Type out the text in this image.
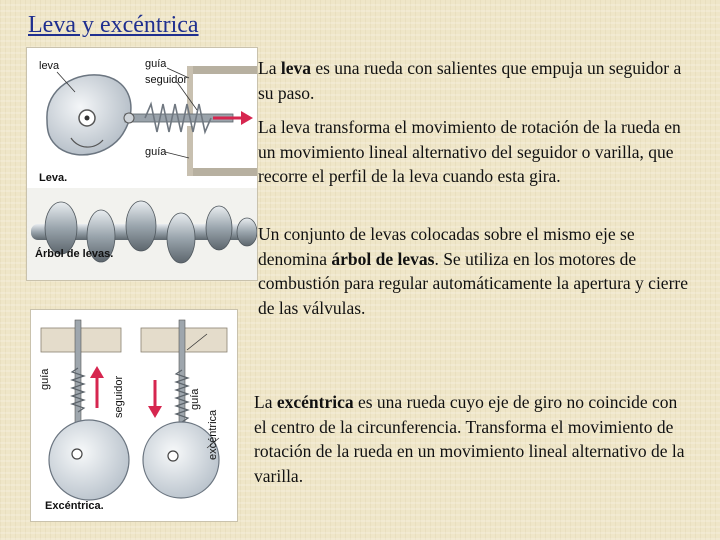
Leva y excéntrica
leva	guía
seguidor
guía
Leva.
Árbol de levas.
guía	seguidor	guía
excéntrica
Excéntrica.

La leva es una rueda con salientes que empuja un seguidor a su paso.

La leva transforma el movimiento de rotación de la rueda en un movimiento lineal alternativo del seguidor o varilla, que recorre el perfil de la leva cuando esta gira.

Un conjunto de levas colocadas sobre el mismo eje se denomina árbol de levas. Se utiliza en los motores de combustión para regular automáticamente la apertura y cierre de las válvulas.

La excéntrica es una rueda cuyo eje de giro no coincide con el centro de la circunferencia. Transforma el movimiento de rotación de la rueda en un movimiento lineal alternativo de la varilla.
